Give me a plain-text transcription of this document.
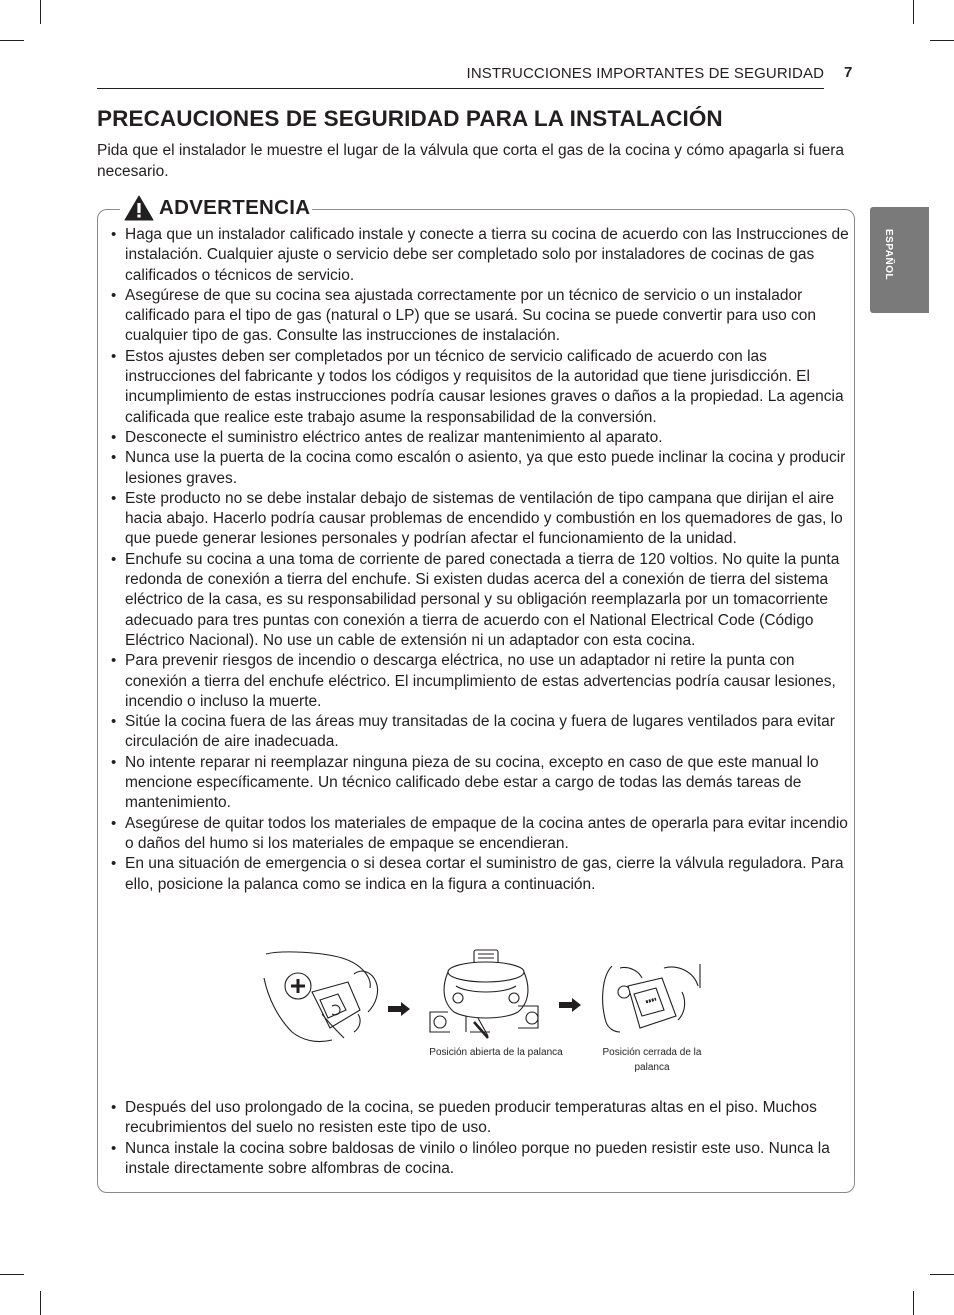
INSTRUCCIONES IMPORTANTES DE SEGURIDAD 7
ESPAÑOL
PRECAUCIONES DE SEGURIDAD PARA LA INSTALACIÓN

Pida que el instalador le muestre el lugar de la válvula que corta el gas de la cocina y cómo apagarla si fuera necesario.

ADVERTENCIA
• Haga que un instalador calificado instale y conecte a tierra su cocina de acuerdo con las Instrucciones de instalación. Cualquier ajuste o servicio debe ser completado solo por instaladores de cocinas de gas calificados o técnicos de servicio.
• Asegúrese de que su cocina sea ajustada correctamente por un técnico de servicio o un instalador calificado para el tipo de gas (natural o LP) que se usará. Su cocina se puede convertir para uso con cualquier tipo de gas. Consulte las instrucciones de instalación.
• Estos ajustes deben ser completados por un técnico de servicio calificado de acuerdo con las instrucciones del fabricante y todos los códigos y requisitos de la autoridad que tiene jurisdicción. El incumplimiento de estas instrucciones podría causar lesiones graves o daños a la propiedad. La agencia calificada que realice este trabajo asume la responsabilidad de la conversión.
• Desconecte el suministro eléctrico antes de realizar mantenimiento al aparato.
• Nunca use la puerta de la cocina como escalón o asiento, ya que esto puede inclinar la cocina y producir lesiones graves.
• Este producto no se debe instalar debajo de sistemas de ventilación de tipo campana que dirijan el aire hacia abajo. Hacerlo podría causar problemas de encendido y combustión en los quemadores de gas, lo que puede generar lesiones personales y podrían afectar el funcionamiento de la unidad.
• Enchufe su cocina a una toma de corriente de pared conectada a tierra de 120 voltios. No quite la punta redonda de conexión a tierra del enchufe. Si existen dudas acerca del a conexión de tierra del sistema eléctrico de la casa, es su responsabilidad personal y su obligación reemplazarla por un tomacorriente adecuado para tres puntas con conexión a tierra de acuerdo con el National Electrical Code (Código Eléctrico Nacional). No use un cable de extensión ni un adaptador con esta cocina.
• Para prevenir riesgos de incendio o descarga eléctrica, no use un adaptador ni retire la punta con conexión a tierra del enchufe eléctrico. El incumplimiento de estas advertencias podría causar lesiones, incendio o incluso la muerte.
• Sitúe la cocina fuera de las áreas muy transitadas de la cocina y fuera de lugares ventilados para evitar circulación de aire inadecuada.
• No intente reparar ni reemplazar ninguna pieza de su cocina, excepto en caso de que este manual lo mencione específicamente. Un técnico calificado debe estar a cargo de todas las demás tareas de mantenimiento.
• Asegúrese de quitar todos los materiales de empaque de la cocina antes de operarla para evitar incendio o daños del humo si los materiales de empaque se encendieran.
• En una situación de emergencia o si desea cortar el suministro de gas, cierre la válvula reguladora. Para ello, posicione la palanca como se indica en la figura a continuación.
Posición abierta de la palanca	Posición cerrada de la palanca
• Después del uso prolongado de la cocina, se pueden producir temperaturas altas en el piso. Muchos recubrimientos del suelo no resisten este tipo de uso.
• Nunca instale la cocina sobre baldosas de vinilo o linóleo porque no pueden resistir este uso. Nunca la instale directamente sobre alfombras de cocina.
